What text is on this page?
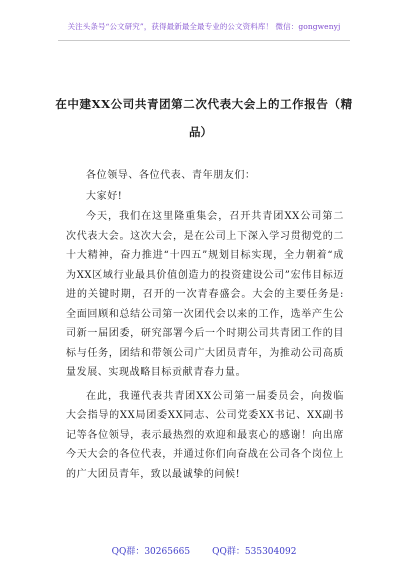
关注头条号“公文研究”，获得最新最全最专业的公文资料库！ 微信：gongwenyj
在中建XX公司共青团第二次代表大会上的工作报告（精
品）

各位领导、各位代表、青年朋友们：

大家好!

今天，我们在这里隆重集会，召开共青团XX公司第二次代表大会。这次大会，是在公司上下深入学习贯彻党的二十大精神，奋力推进“十四五”规划目标实现，全力朝着“成为XX区域行业最具价值创造力的投资建设公司”宏伟目标迈进的关键时期，召开的一次青春盛会。大会的主要任务是:全面回顾和总结公司第一次团代会以来的工作，选举产生公司新一届团委，研究部署今后一个时期公司共青团工作的目标与任务，团结和带领公司广大团员青年，为推动公司高质量发展、实现战略目标贡献青春力量。

在此，我谨代表共青团XX公司第一届委员会，向拨临大会指导的XX局团委XX同志、公司党委XX书记、XX副书记等各位领导，表示最热烈的欢迎和最衷心的感谢！向出席今天大会的各位代表，并通过你们向奋战在公司各个岗位上的广大团员青年，致以最诚挚的问候!

QQ群：30265665 QQ群：535304092
